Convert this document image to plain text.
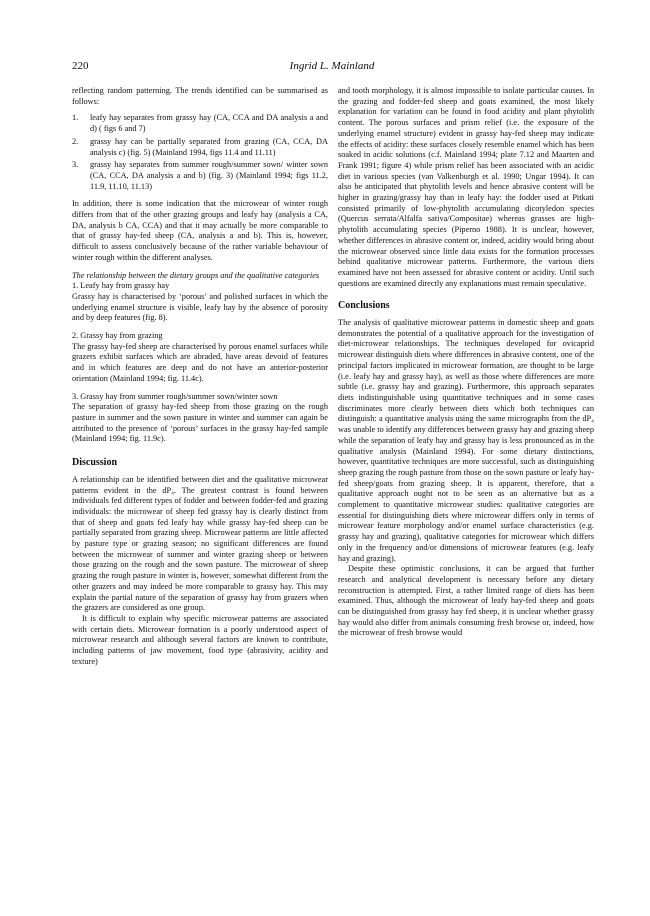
220	Ingrid L. Mainland

reflecting random patterning. The trends identified can be summarised as follows:

1. leafy hay separates from grassy hay (CA, CCA and DA analysis a and d) ( figs 6 and 7)
2. grassy hay can be partially separated from grazing (CA, CCA, DA analysis c) (fig. 5) (Mainland 1994, figs 11.4 and 11.11)
3. grassy hay separates from summer rough/summer sown/ winter sown (CA, CCA, DA analysis a and b) (fig. 3) (Mainland 1994; figs 11.2, 11.9, 11.10, 11.13)

In addition, there is some indication that the microwear of winter rough differs from that of the other grazing groups and leafy hay (analysis a CA, DA, analysis b CA, CCA) and that it may actually be more comparable to that of grassy hay-fed sheep (CA, analysis a and b). This is, however, difficult to assess conclusively because of the rather variable behaviour of winter rough within the different analyses.

The relationship between the dietary groups and the qualitative categories

1. Leafy hay from grassy hay

Grassy hay is characterised by ‘porous’ and polished surfaces in which the underlying enamel structure is visible, leafy hay by the absence of porosity and by deep features (fig. 8).

2. Grassy hay from grazing

The grassy hay-fed sheep are characterised by porous enamel surfaces while grazers exhibit surfaces which are abraded, have areas devoid of features and in which features are deep and do not have an anterior-posterior orientation (Mainland 1994; fig. 11.4c).

3. Grassy hay from summer rough/summer sown/winter sown

The separation of grassy hay-fed sheep from those grazing on the rough pasture in summer and the sown pasture in winter and summer can again be attributed to the presence of ‘porous’ surfaces in the grassy hay-fed sample (Mainland 1994; fig. 11.9c).

Discussion

A relationship can be identified between diet and the qualitative microwear patterns evident in the dP₄. The greatest contrast is found between individuals fed different types of fodder and between fodder-fed and grazing individuals: the microwear of sheep fed grassy hay is clearly distinct from that of sheep and goats fed leafy hay while grassy hay-fed sheep can be partially separated from grazing sheep. Microwear patterns are little affected by pasture type or grazing season; no significant differences are found between the microwear of summer and winter grazing sheep or between those grazing on the rough and the sown pasture. The microwear of sheep grazing the rough pasture in winter is, however, somewhat different from the other grazers and may indeed be more comparable to grassy hay. This may explain the partial nature of the separation of grassy hay from grazers when the grazers are considered as one group.

It is difficult to explain why specific microwear patterns are associated with certain diets. Microwear formation is a poorly understood aspect of microwear research and although several factors are known to contribute, including patterns of jaw movement, food type (abrasivity, acidity and texture)

and tooth morphology, it is almost impossible to isolate particular causes. In the grazing and fodder-fed sheep and goats examined, the most likely explanation for variation can be found in food acidity and plant phytolith content. The porous surfaces and prism relief (i.e. the exposure of the underlying enamel structure) evident in grassy hay-fed sheep may indicate the effects of acidity: these surfaces closely resemble enamel which has been soaked in acidic solutions (c.f. Mainland 1994; plate 7.12 and Maarten and Frank 1991; figure 4) while prism relief has been associated with an acidic diet in various species (van Valkenburgh et al. 1990; Ungar 1994). It can also be anticipated that phytolith levels and hence abrasive content will be higher in grazing/grassy hay than in leafy hay: the fodder used at Pitkati consisted primarily of low-phytolith accumulating dicotyledon species (Quercus serrata/Alfalfa sativa/Compositae) whereas grasses are high-phytolith accumulating species (Piperno 1988). It is unclear, however, whether differences in abrasive content or, indeed, acidity would bring about the microwear observed since little data exists for the formation processes behind qualitative microwear patterns. Furthermore, the various diets examined have not been assessed for abrasive content or acidity. Until such questions are examined directly any explanations must remain speculative.

Conclusions

The analysis of qualitative microwear patterns in domestic sheep and goats demonstrates the potential of a qualitative approach for the investigation of diet-microwear relationships. The techniques developed for ovicaprid microwear distinguish diets where differences in abrasive content, one of the principal factors implicated in microwear formation, are thought to be large (i.e. leafy hay and grassy hay), as well as those where differences are more subtle (i.e. grassy hay and grazing). Furthermore, this approach separates diets indistinguishable using quantitative techniques and in some cases discriminates more clearly between diets which both techniques can distinguish: a quantitative analysis using the same micrographs from the dP₄ was unable to identify any differences between grassy hay and grazing sheep while the separation of leafy hay and grassy hay is less pronounced as in the qualitative analysis (Mainland 1994). For some dietary distinctions, however, quantitative techniques are more successful, such as distinguishing sheep grazing the rough pasture from those on the sown pasture or leafy hay-fed sheep/goats from grazing sheep. It is apparent, therefore, that a qualitative approach ought not to be seen as an alternative but as a complement to quantitative microwear studies: qualitative categories are essential for distinguishing diets where microwear differs only in terms of microwear feature morphology and/or enamel surface characteristics (e.g. grassy hay and grazing), qualitative categories for microwear which differs only in the frequency and/or dimensions of microwear features (e.g. leafy hay and grazing).

Despite these optimistic conclusions, it can be argued that further research and analytical development is necessary before any dietary reconstruction is attempted. First, a rather limited range of diets has been examined. Thus, although the microwear of leafy hay-fed sheep and goats can be distinguished from grassy hay fed sheep, it is unclear whether grassy hay would also differ from animals consuming fresh browse or, indeed, how the microwear of fresh browse would
